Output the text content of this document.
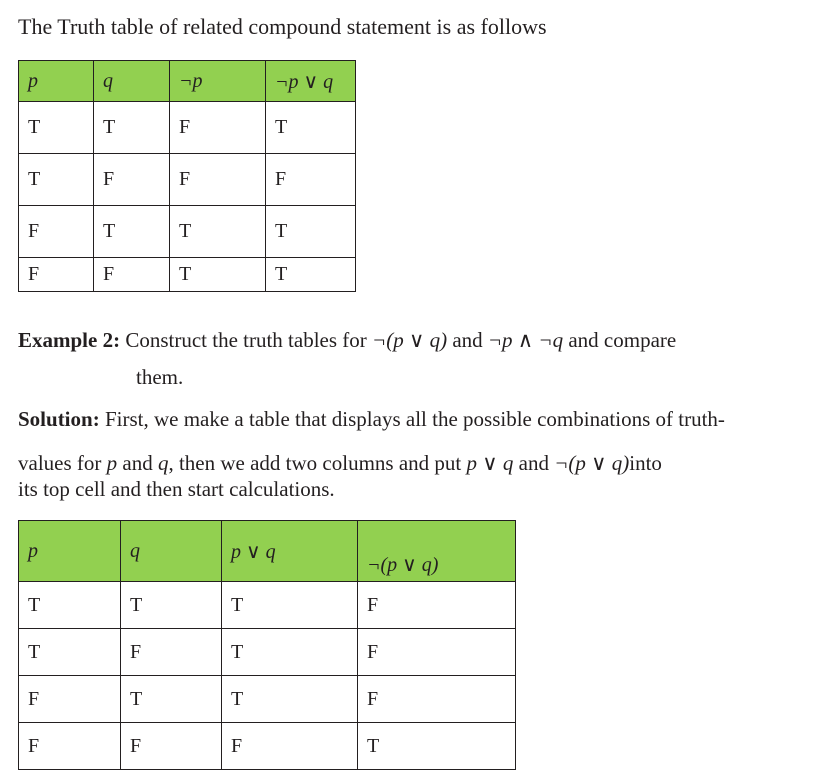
The Truth table of related compound statement is as follows
p	q	¬p	¬p ∨ q
T	T	F	T
T	F	F	F
F	T	T	T
F	F	T	T
Example 2: Construct the truth tables for ¬(p ∨ q) and ¬p ∧ ¬q and compare
them.
Solution: First, we make a table that displays all the possible combinations of truth-
values for p and q, then we add two columns and put p ∨ q and ¬(p ∨ q)into
its top cell and then start calculations.
p	q	p ∨ q	¬(p ∨ q)
T	T	T	F
T	F	T	F
F	T	T	F
F	F	F	T
